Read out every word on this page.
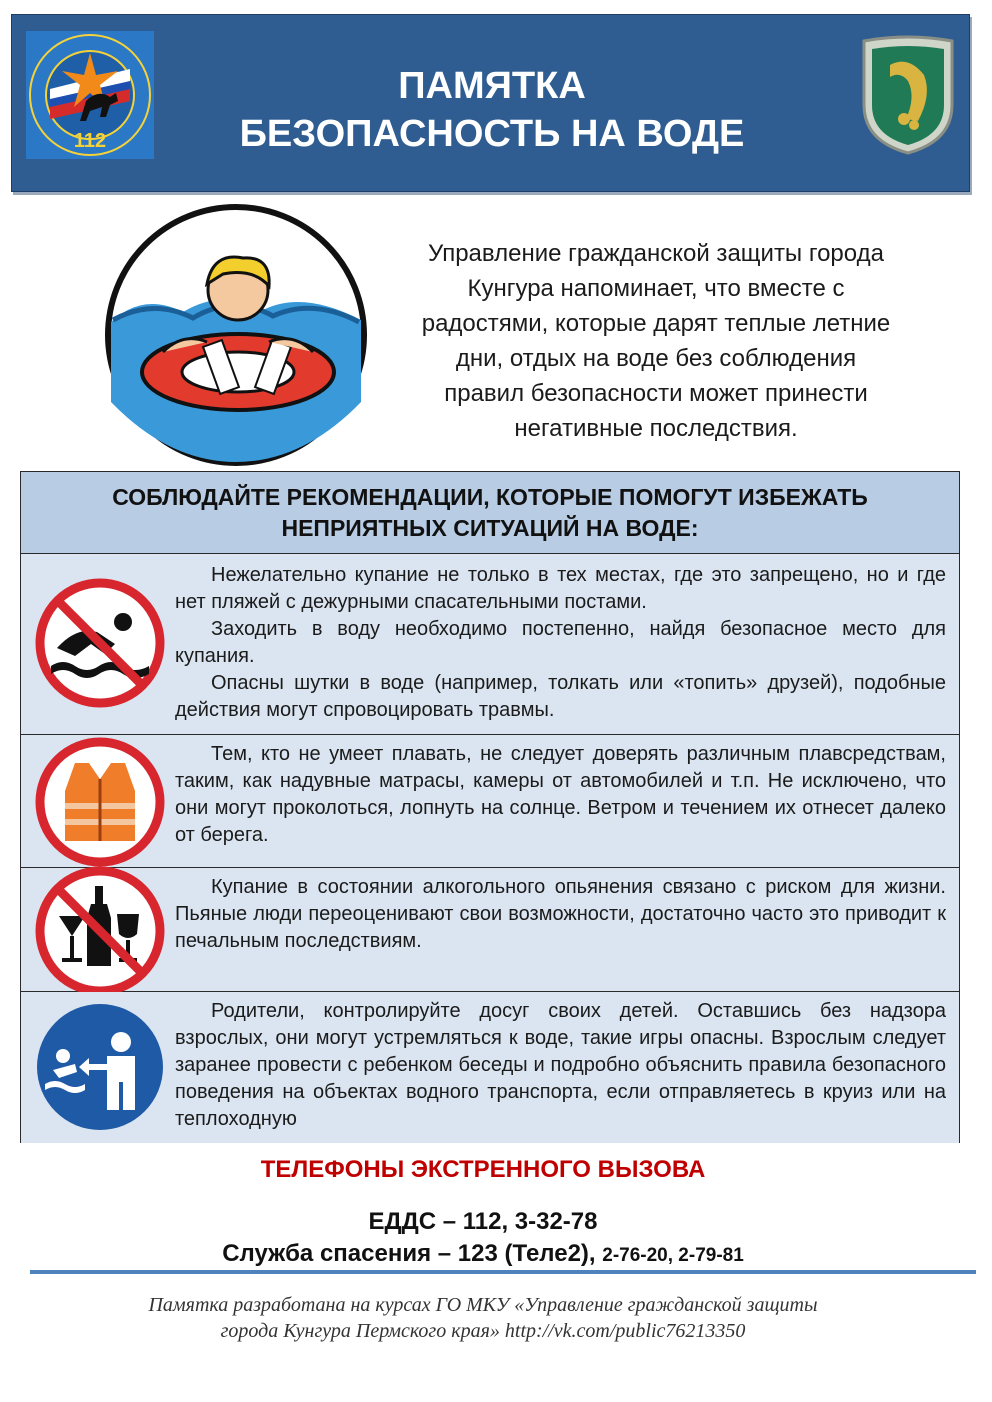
112
ПАМЯТКА
БЕЗОПАСНОСТЬ НА ВОДЕ
Управление гражданской защиты города
Кунгура напоминает, что вместе с
радостями, которые дарят теплые летние
дни, отдых на воде без соблюдения
правил безопасности может принести
негативные последствия.
СОБЛЮДАЙТЕ РЕКОМЕНДАЦИИ, КОТОРЫЕ ПОМОГУТ ИЗБЕЖАТЬ
НЕПРИЯТНЫХ СИТУАЦИЙ НА ВОДЕ:

Нежелательно купание не только в тех местах, где это запрещено, но и где нет пляжей с дежурными спасательными постами.

Заходить в воду необходимо постепенно, найдя безопасное место для купания.

Опасны шутки в воде (например, толкать или «топить» друзей), подобные действия могут спровоцировать травмы.

Тем, кто не умеет плавать, не следует доверять различным плавсредствам, таким, как надувные матрасы, камеры от автомобилей и т.п. Не исключено, что они могут проколоться, лопнуть на солнце. Ветром и течением их отнесет далеко от берега.

Купание в состоянии алкогольного опьянения связано с риском для жизни. Пьяные люди переоценивают свои возможности, достаточно часто это приводит к печальным последствиям.

Родители, контролируйте досуг своих детей. Оставшись без надзора взрослых, они могут устремляться к воде, такие игры опасны. Взрослым следует заранее провести с ребенком беседы и подробно объяснить правила безопасного поведения на объектах водного транспорта, если отправляетесь в круиз или на теплоходную

ТЕЛЕФОНЫ ЭКСТРЕННОГО ВЫЗОВА
ЕДДС – 112, 3-32-78
Служба спасения – 123 (Теле2), 2-76-20, 2-79-81
Памятка разработана на курсах ГО МКУ «Управление гражданской защиты
города Кунгура Пермского края» http://vk.com/public76213350
